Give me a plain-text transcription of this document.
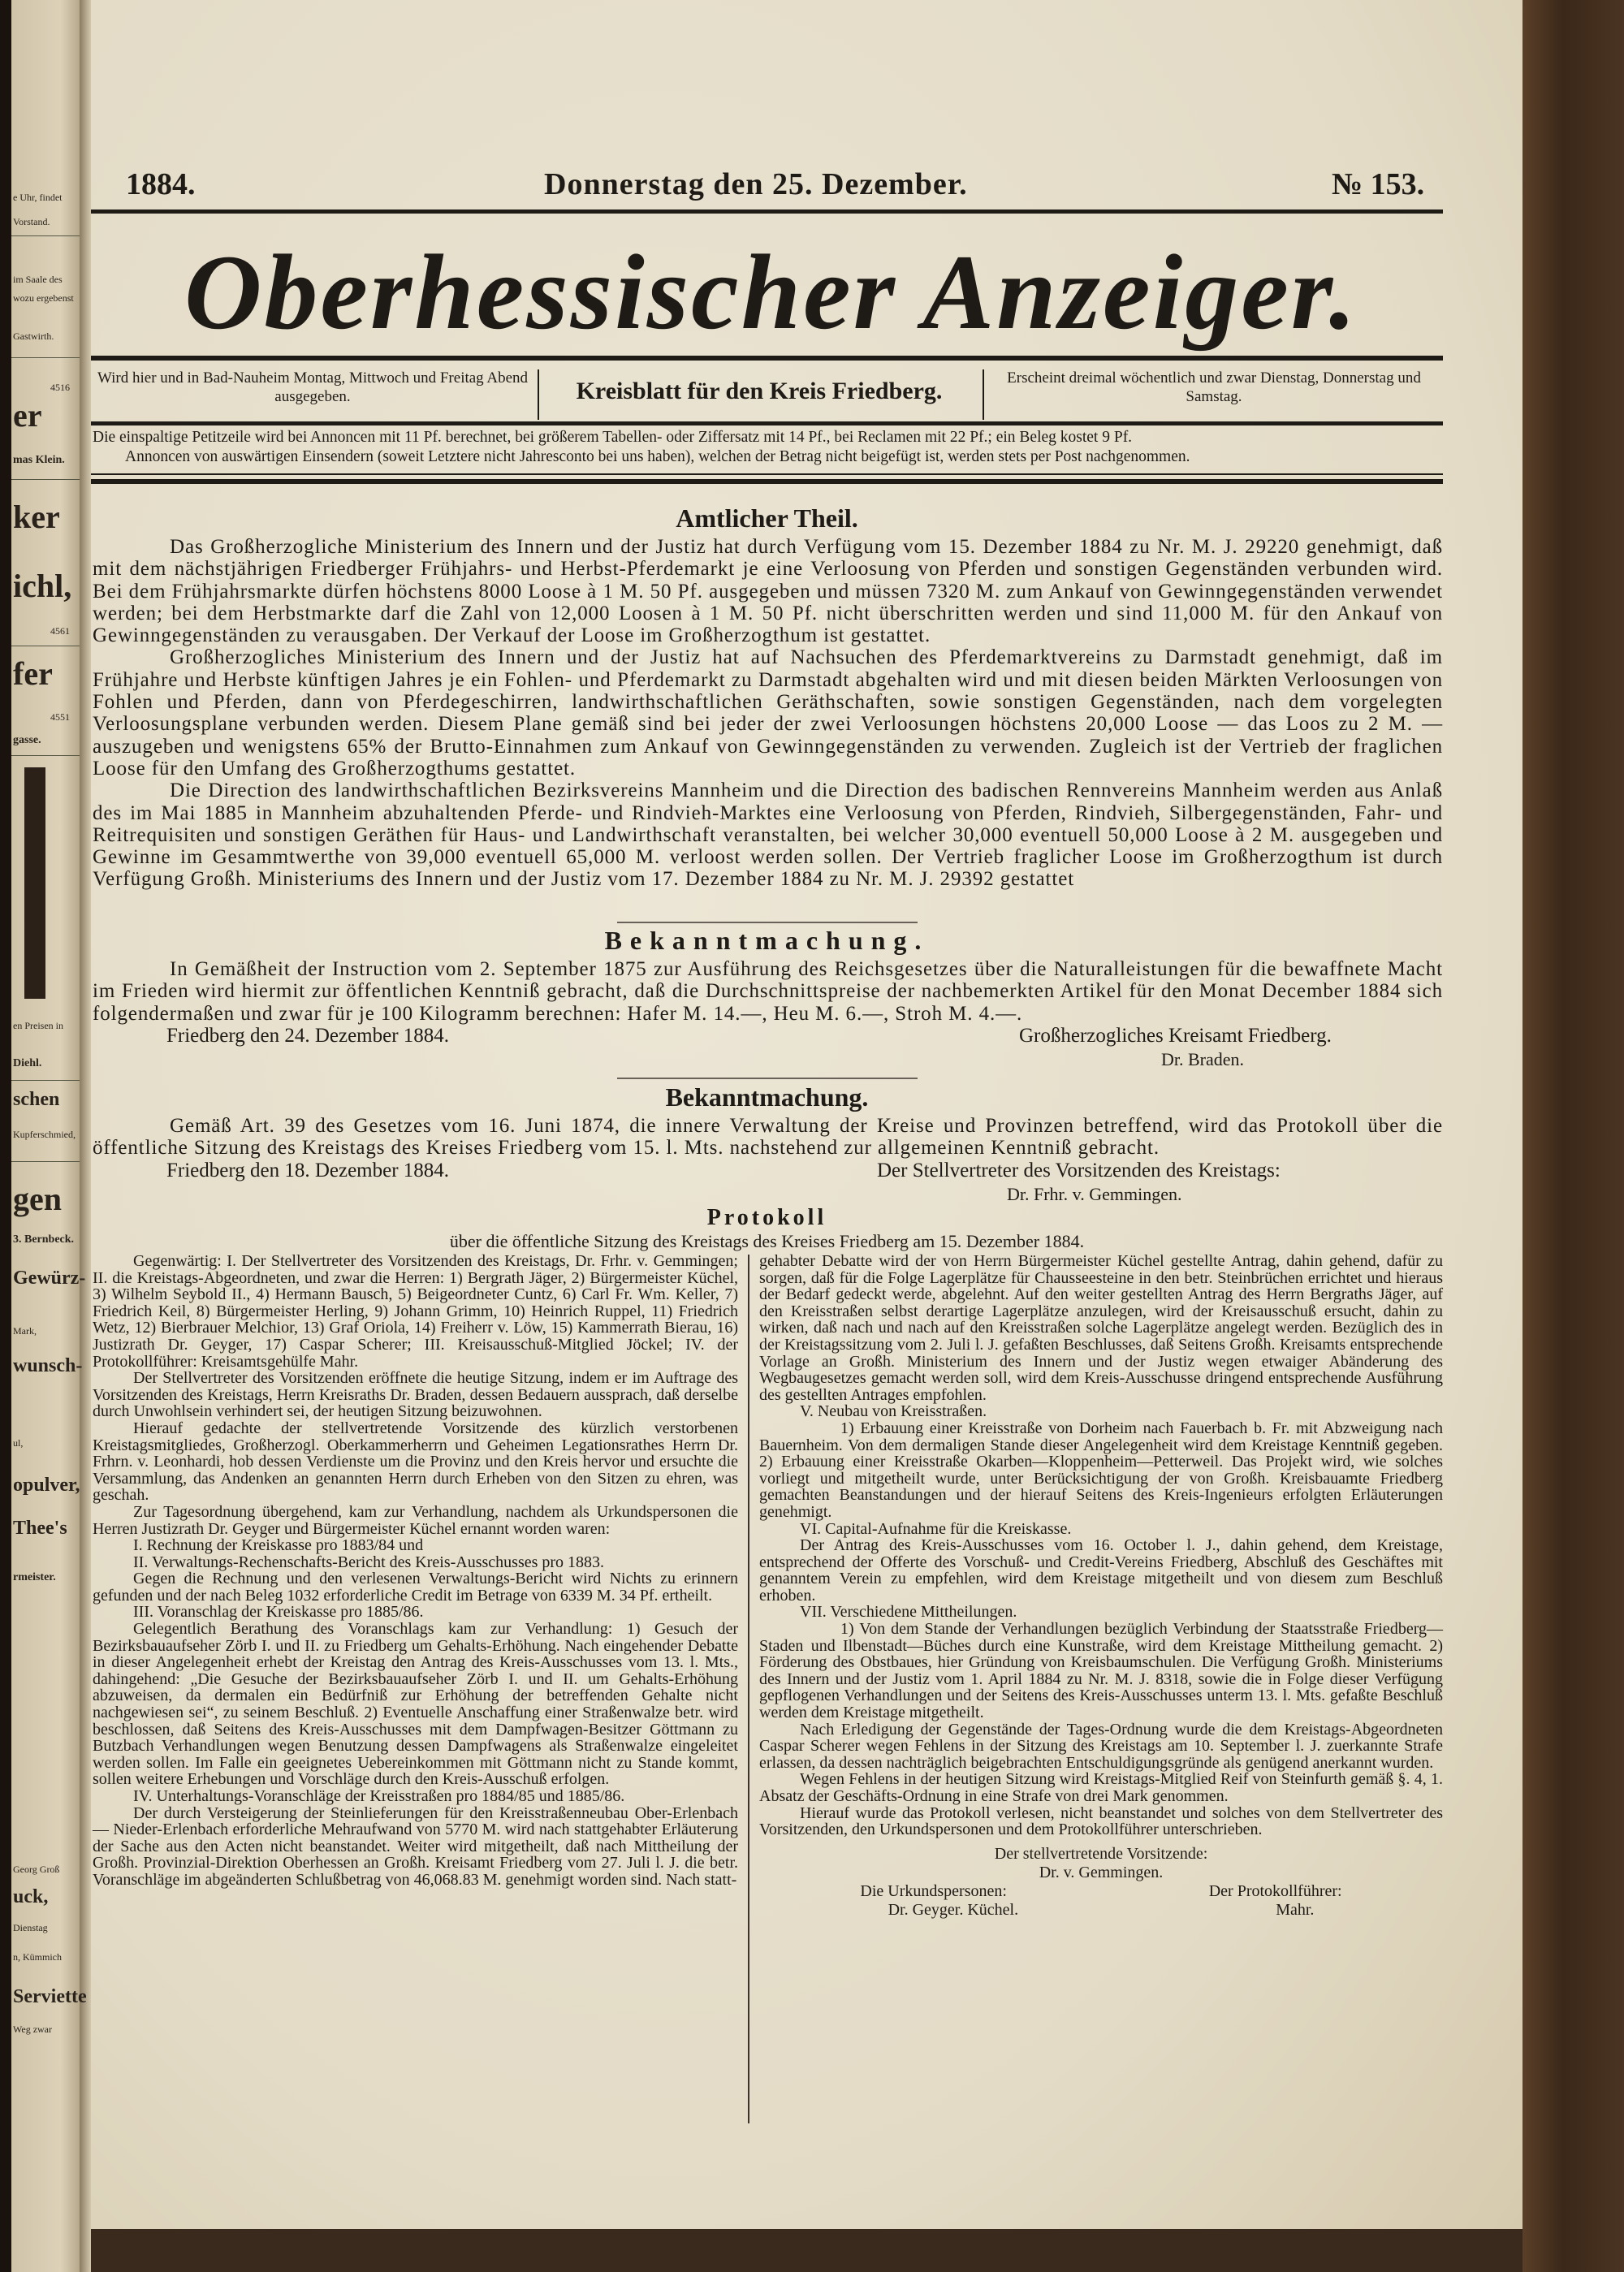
e Uhr, findet
Vorstand.
im Saale des
wozu ergebenst
Gastwirth.
4516
er
mas Klein.
ker
ichl,
4561
fer
4551
gasse.
en Preisen in
Diehl.
schen
Kupferschmied,
gen
3. Bernbeck.
Gewürz-
Mark,
wunsch-
ul,
opulver,
Thee's
rmeister.
Georg Groß
uck,
Dienstag
n, Kümmich
Serviette
Weg zwar
1884.	Donnerstag den 25. Dezember.	№ 153.
Oberhessischer Anzeiger.
Wird hier und in Bad-Nauheim Montag, Mittwoch und Freitag Abend ausgegeben.	Kreisblatt für den Kreis Friedberg.	Erscheint dreimal wöchentlich und zwar Dienstag, Donnerstag und Samstag.
Die einspaltige Petitzeile wird bei Annoncen mit 11 Pf. berechnet, bei größerem Tabellen- oder Ziffersatz mit 14 Pf., bei Reclamen mit 22 Pf.; ein Beleg kostet 9 Pf.
Annoncen von auswärtigen Einsendern (soweit Letztere nicht Jahresconto bei uns haben), welchen der Betrag nicht beigefügt ist, werden stets per Post nachgenommen.
Amtlicher Theil.

Das Großherzogliche Ministerium des Innern und der Justiz hat durch Verfügung vom 15. Dezember 1884 zu Nr. M. J. 29220 genehmigt, daß mit dem nächstjährigen Friedberger Frühjahrs- und Herbst-Pferdemarkt je eine Verloosung von Pferden und sonstigen Gegenständen verbunden wird. Bei dem Frühjahrsmarkte dürfen höchstens 8000 Loose à 1 M. 50 Pf. ausgegeben und müssen 7320 M. zum Ankauf von Gewinngegenständen verwendet werden; bei dem Herbstmarkte darf die Zahl von 12,000 Loosen à 1 M. 50 Pf. nicht überschritten werden und sind 11,000 M. für den Ankauf von Gewinngegenständen zu verausgaben. Der Verkauf der Loose im Großherzogthum ist gestattet.

Großherzogliches Ministerium des Innern und der Justiz hat auf Nachsuchen des Pferdemarktvereins zu Darmstadt genehmigt, daß im Frühjahre und Herbste künftigen Jahres je ein Fohlen- und Pferdemarkt zu Darmstadt abgehalten wird und mit diesen beiden Märkten Verloosungen von Fohlen und Pferden, dann von Pferdegeschirren, landwirthschaftlichen Geräthschaften, sowie sonstigen Gegenständen, nach dem vorgelegten Verloosungsplane verbunden werden. Diesem Plane gemäß sind bei jeder der zwei Verloosungen höchstens 20,000 Loose — das Loos zu 2 M. — auszugeben und wenigstens 65% der Brutto-Einnahmen zum Ankauf von Gewinngegenständen zu verwenden. Zugleich ist der Vertrieb der fraglichen Loose für den Umfang des Großherzogthums gestattet.

Die Direction des landwirthschaftlichen Bezirksvereins Mannheim und die Direction des badischen Rennvereins Mannheim werden aus Anlaß des im Mai 1885 in Mannheim abzuhaltenden Pferde- und Rindvieh-Marktes eine Verloosung von Pferden, Rindvieh, Silbergegenständen, Fahr- und Reitrequisiten und sonstigen Geräthen für Haus- und Landwirthschaft veranstalten, bei welcher 30,000 eventuell 50,000 Loose à 2 M. ausgegeben und Gewinne im Gesammtwerthe von 39,000 eventuell 65,000 M. verloost werden sollen. Der Vertrieb fraglicher Loose im Großherzogthum ist durch Verfügung Großh. Ministeriums des Innern und der Justiz vom 17. Dezember 1884 zu Nr. M. J. 29392 gestattet

Bekanntmachung.

In Gemäßheit der Instruction vom 2. September 1875 zur Ausführung des Reichsgesetzes über die Naturalleistungen für die bewaffnete Macht im Frieden wird hiermit zur öffentlichen Kenntniß gebracht, daß die Durchschnittspreise der nachbemerkten Artikel für den Monat December 1884 sich folgendermaßen und zwar für je 100 Kilogramm berechnen: Hafer M. 14.—, Heu M. 6.—, Stroh M. 4.—.

Friedberg den 24. Dezember 1884.	Großherzogliches Kreisamt Friedberg.
Dr. Braden.
Bekanntmachung.

Gemäß Art. 39 des Gesetzes vom 16. Juni 1874, die innere Verwaltung der Kreise und Provinzen betreffend, wird das Protokoll über die öffentliche Sitzung des Kreistags des Kreises Friedberg vom 15. l. Mts. nachstehend zur allgemeinen Kenntniß gebracht.

Friedberg den 18. Dezember 1884.	Der Stellvertreter des Vorsitzenden des Kreistags:
Dr. Frhr. v. Gemmingen.
Protokoll
über die öffentliche Sitzung des Kreistags des Kreises Friedberg am 15. Dezember 1884.

Gegenwärtig: I. Der Stellvertreter des Vorsitzenden des Kreistags, Dr. Frhr. v. Gemmingen; II. die Kreistags-Abgeordneten, und zwar die Herren: 1) Bergrath Jäger, 2) Bürgermeister Küchel, 3) Wilhelm Seybold II., 4) Hermann Bausch, 5) Beigeordneter Cuntz, 6) Carl Fr. Wm. Keller, 7) Friedrich Keil, 8) Bürgermeister Herling, 9) Johann Grimm, 10) Heinrich Ruppel, 11) Friedrich Wetz, 12) Bierbrauer Melchior, 13) Graf Oriola, 14) Freiherr v. Löw, 15) Kammerrath Bierau, 16) Justizrath Dr. Geyger, 17) Caspar Scherer; III. Kreisausschuß-Mitglied Jöckel; IV. der Protokollführer: Kreisamtsgehülfe Mahr.

Der Stellvertreter des Vorsitzenden eröffnete die heutige Sitzung, indem er im Auftrage des Vorsitzenden des Kreistags, Herrn Kreisraths Dr. Braden, dessen Bedauern aussprach, daß derselbe durch Unwohlsein verhindert sei, der heutigen Sitzung beizuwohnen.

Hierauf gedachte der stellvertretende Vorsitzende des kürzlich verstorbenen Kreistagsmitgliedes, Großherzogl. Oberkammerherrn und Geheimen Legationsrathes Herrn Dr. Frhrn. v. Leonhardi, hob dessen Verdienste um die Provinz und den Kreis hervor und ersuchte die Versammlung, das Andenken an genannten Herrn durch Erheben von den Sitzen zu ehren, was geschah.

Zur Tagesordnung übergehend, kam zur Verhandlung, nachdem als Urkundspersonen die Herren Justizrath Dr. Geyger und Bürgermeister Küchel ernannt worden waren:

I. Rechnung der Kreiskasse pro 1883/84 und

II. Verwaltungs-Rechenschafts-Bericht des Kreis-Ausschusses pro 1883.

Gegen die Rechnung und den verlesenen Verwaltungs-Bericht wird Nichts zu erinnern gefunden und der nach Beleg 1032 erforderliche Credit im Betrage von 6339 M. 34 Pf. ertheilt.

III. Voranschlag der Kreiskasse pro 1885/86.

Gelegentlich Berathung des Voranschlags kam zur Verhandlung: 1) Gesuch der Bezirksbauaufseher Zörb I. und II. zu Friedberg um Gehalts-Erhöhung. Nach eingehender Debatte in dieser Angelegenheit erhebt der Kreistag den Antrag des Kreis-Ausschusses vom 13. l. Mts., dahingehend: „Die Gesuche der Bezirksbauaufseher Zörb I. und II. um Gehalts-Erhöhung abzuweisen, da dermalen ein Bedürfniß zur Erhöhung der betreffenden Gehalte nicht nachgewiesen sei“, zu seinem Beschluß. 2) Eventuelle Anschaffung einer Straßenwalze betr. wird beschlossen, daß Seitens des Kreis-Ausschusses mit dem Dampfwagen-Besitzer Göttmann zu Butzbach Verhandlungen wegen Benutzung dessen Dampfwagens als Straßenwalze eingeleitet werden sollen. Im Falle ein geeignetes Uebereinkommen mit Göttmann nicht zu Stande kommt, sollen weitere Erhebungen und Vorschläge durch den Kreis-Ausschuß erfolgen.

IV. Unterhaltungs-Voranschläge der Kreisstraßen pro 1884/85 und 1885/86.

Der durch Versteigerung der Steinlieferungen für den Kreisstraßenneubau Ober-Erlenbach — Nieder-Erlenbach erforderliche Mehraufwand von 5770 M. wird nach stattgehabter Erläuterung der Sache aus den Acten nicht beanstandet. Weiter wird mitgetheilt, daß nach Mittheilung der Großh. Provinzial-Direktion Oberhessen an Großh. Kreisamt Friedberg vom 27. Juli l. J. die betr. Voranschläge im abgeänderten Schlußbetrag von 46,068.83 M. genehmigt worden sind. Nach statt-

gehabter Debatte wird der von Herrn Bürgermeister Küchel gestellte Antrag, dahin gehend, dafür zu sorgen, daß für die Folge Lagerplätze für Chausseesteine in den betr. Steinbrüchen errichtet und hieraus der Bedarf gedeckt werde, abgelehnt. Auf den weiter gestellten Antrag des Herrn Bergraths Jäger, auf den Kreisstraßen selbst derartige Lagerplätze anzulegen, wird der Kreisausschuß ersucht, dahin zu wirken, daß nach und nach auf den Kreisstraßen solche Lagerplätze angelegt werden. Bezüglich des in der Kreistagssitzung vom 2. Juli l. J. gefaßten Beschlusses, daß Seitens Großh. Kreisamts entsprechende Vorlage an Großh. Ministerium des Innern und der Justiz wegen etwaiger Abänderung des Wegbaugesetzes gemacht werden soll, wird dem Kreis-Ausschusse dringend entsprechende Ausführung des gestellten Antrages empfohlen.

V. Neubau von Kreisstraßen.

1) Erbauung einer Kreisstraße von Dorheim nach Fauerbach b. Fr. mit Abzweigung nach Bauernheim. Von dem dermaligen Stande dieser Angelegenheit wird dem Kreistage Kenntniß gegeben. 2) Erbauung einer Kreisstraße Okarben—Kloppenheim—Petterweil. Das Projekt wird, wie solches vorliegt und mitgetheilt wurde, unter Berücksichtigung der von Großh. Kreisbauamte Friedberg gemachten Beanstandungen und der hierauf Seitens des Kreis-Ingenieurs erfolgten Erläuterungen genehmigt.

VI. Capital-Aufnahme für die Kreiskasse.

Der Antrag des Kreis-Ausschusses vom 16. October l. J., dahin gehend, dem Kreistage, entsprechend der Offerte des Vorschuß- und Credit-Vereins Friedberg, Abschluß des Geschäftes mit genanntem Verein zu empfehlen, wird dem Kreistage mitgetheilt und von diesem zum Beschluß erhoben.

VII. Verschiedene Mittheilungen.

1) Von dem Stande der Verhandlungen bezüglich Verbindung der Staatsstraße Friedberg—Staden und Ilbenstadt—Büches durch eine Kunstraße, wird dem Kreistage Mittheilung gemacht. 2) Förderung des Obstbaues, hier Gründung von Kreisbaumschulen. Die Verfügung Großh. Ministeriums des Innern und der Justiz vom 1. April 1884 zu Nr. M. J. 8318, sowie die in Folge dieser Verfügung gepflogenen Verhandlungen und der Seitens des Kreis-Ausschusses unterm 13. l. Mts. gefaßte Beschluß werden dem Kreistage mitgetheilt.

Nach Erledigung der Gegenstände der Tages-Ordnung wurde die dem Kreistags-Abgeordneten Caspar Scherer wegen Fehlens in der Sitzung des Kreistags am 10. September l. J. zuerkannte Strafe erlassen, da dessen nachträglich beigebrachten Entschuldigungsgründe als genügend anerkannt wurden.

Wegen Fehlens in der heutigen Sitzung wird Kreistags-Mitglied Reif von Steinfurth gemäß §. 4, 1. Absatz der Geschäfts-Ordnung in eine Strafe von drei Mark genommen.

Hierauf wurde das Protokoll verlesen, nicht beanstandet und solches von dem Stellvertreter des Vorsitzenden, den Urkundspersonen und dem Protokollführer unterschrieben.

Der stellvertretende Vorsitzende:
Dr. v. Gemmingen.
Die Urkundspersonen:	Der Protokollführer:
Dr. Geyger. Küchel.	Mahr.
